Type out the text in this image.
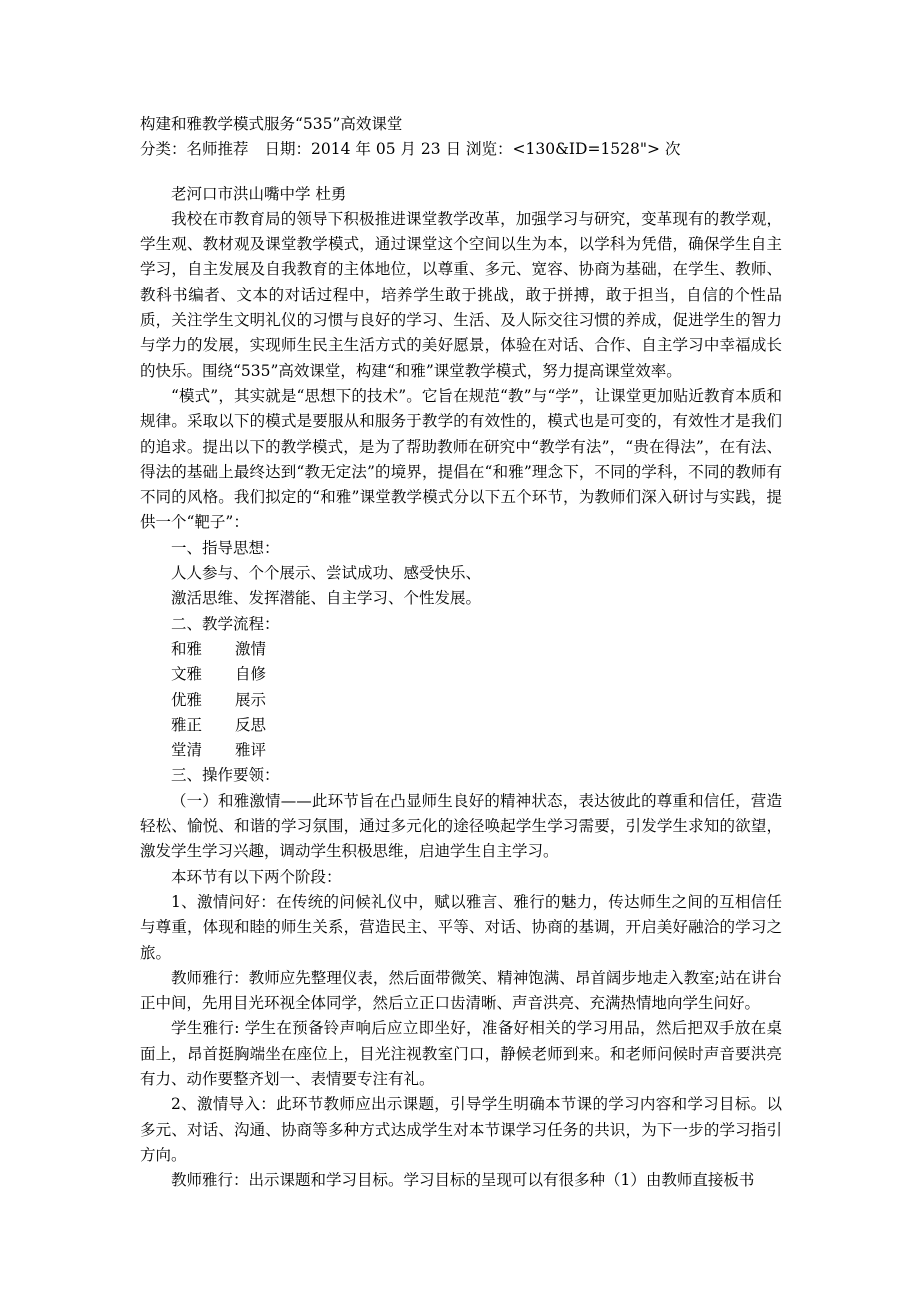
构建和雅教学模式服务“535”高效课堂

分类：名师推荐 日期：2014 年 05 月 23 日 浏览：<130&ID=1528"> 次

老河口市洪山嘴中学 杜勇

我校在市教育局的领导下积极推进课堂教学改革，加强学习与研究，变革现有的教学观，学生观、教材观及课堂教学模式，通过课堂这个空间以生为本，以学科为凭借，确保学生自主学习，自主发展及自我教育的主体地位，以尊重、多元、宽容、协商为基础，在学生、教师、教科书编者、文本的对话过程中，培养学生敢于挑战，敢于拼搏，敢于担当，自信的个性品质，关注学生文明礼仪的习惯与良好的学习、生活、及人际交往习惯的养成，促进学生的智力与学力的发展，实现师生民主生活方式的美好愿景，体验在对话、合作、自主学习中幸福成长的快乐。围绕“535”高效课堂，构建“和雅”课堂教学模式，努力提高课堂效率。

“模式”，其实就是“思想下的技术”。它旨在规范“教”与“学”，让课堂更加贴近教育本质和规律。采取以下的模式是要服从和服务于教学的有效性的，模式也是可变的，有效性才是我们的追求。提出以下的教学模式，是为了帮助教师在研究中“教学有法”，“贵在得法”，在有法、得法的基础上最终达到“教无定法”的境界，提倡在“和雅”理念下，不同的学科，不同的教师有不同的风格。我们拟定的“和雅”课堂教学模式分以下五个环节，为教师们深入研讨与实践，提供一个“靶子”：

一、指导思想：

人人参与、个个展示、尝试成功、感受快乐、

激活思维、发挥潜能、自主学习、个性发展。

二、教学流程：

和雅 激情

文雅 自修

优雅 展示

雅正 反思

堂清 雅评

三、操作要领：

（一）和雅激情——此环节旨在凸显师生良好的精神状态，表达彼此的尊重和信任，营造轻松、愉悦、和谐的学习氛围，通过多元化的途径唤起学生学习需要，引发学生求知的欲望，激发学生学习兴趣，调动学生积极思维，启迪学生自主学习。

本环节有以下两个阶段：

1、激情问好：在传统的问候礼仪中，赋以雅言、雅行的魅力，传达师生之间的互相信任与尊重，体现和睦的师生关系，营造民主、平等、对话、协商的基调，开启美好融洽的学习之旅。

教师雅行：教师应先整理仪表，然后面带微笑、精神饱满、昂首阔步地走入教室;站在讲台正中间，先用目光环视全体同学，然后立正口齿清晰、声音洪亮、充满热情地向学生问好。

学生雅行: 学生在预备铃声响后应立即坐好，准备好相关的学习用品，然后把双手放在桌面上，昂首挺胸端坐在座位上，目光注视教室门口，静候老师到来。和老师问候时声音要洪亮有力、动作要整齐划一、表情要专注有礼。

2、激情导入：此环节教师应出示课题，引导学生明确本节课的学习内容和学习目标。以多元、对话、沟通、协商等多种方式达成学生对本节课学习任务的共识，为下一步的学习指引方向。

教师雅行：出示课题和学习目标。学习目标的呈现可以有很多种（1）由教师直接板书
